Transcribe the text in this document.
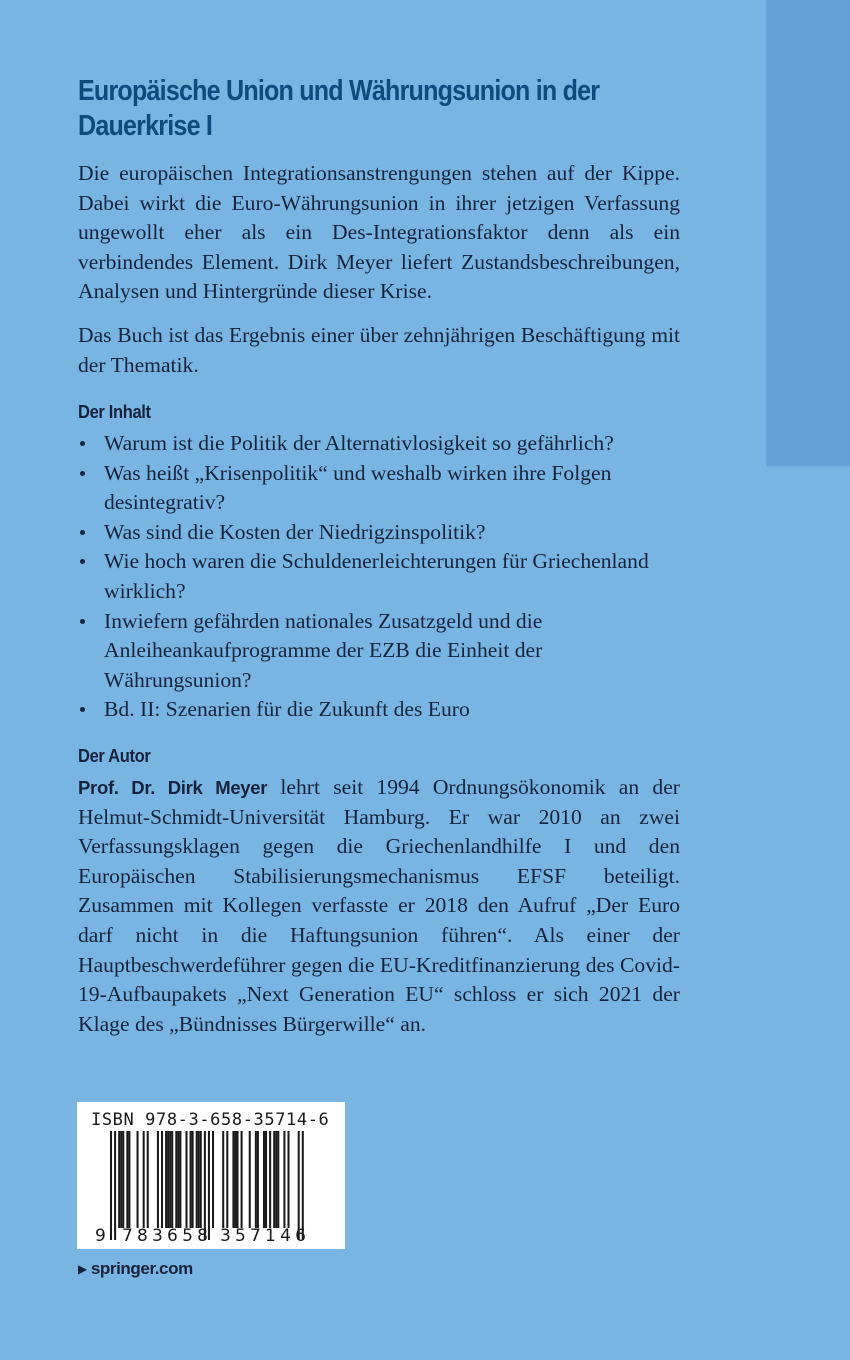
Europäische Union und Währungsunion in der
Dauerkrise I

Die europäischen Integrationsanstrengungen stehen auf der Kippe. Dabei wirkt die Euro-Währungsunion in ihrer jetzigen Verfassung ungewollt eher als ein Des-Integrationsfaktor denn als ein verbindendes Element. Dirk Meyer liefert Zustandsbeschreibungen, Analysen und Hintergründe dieser Krise.

Das Buch ist das Ergebnis einer über zehnjährigen Beschäftigung mit der Thematik.

Der Inhalt
Warum ist die Politik der Alternativlosigkeit so gefährlich?
Was heißt „Krisenpolitik“ und weshalb wirken ihre Folgen desintegrativ?
Was sind die Kosten der Niedrigzinspolitik?
Wie hoch waren die Schuldenerleichterungen für Griechenland wirklich?
Inwiefern gefährden nationales Zusatzgeld und die Anleiheankaufprogramme der EZB die Einheit der Währungsunion?
Bd. II: Szenarien für die Zukunft des Euro
Der Autor

Prof. Dr. Dirk Meyer lehrt seit 1994 Ordnungsökonomik an der Helmut-Schmidt-Universität Hamburg. Er war 2010 an zwei Verfassungsklagen gegen die Griechenlandhilfe I und den Europäischen Stabilisierungsmechanismus EFSF beteiligt. Zusammen mit Kollegen verfasste er 2018 den Aufruf „Der Euro darf nicht in die Haftungsunion führen“. Als einer der Hauptbeschwerdeführer gegen die EU-Kreditfinanzierung des Covid-19-Aufbaupakets „Next Generation EU“ schloss er sich 2021 der Klage des „Bündnisses Bürgerwille“ an.

ISBN 978-3-658-35714-6
9 783658 357146
▶ springer.com
